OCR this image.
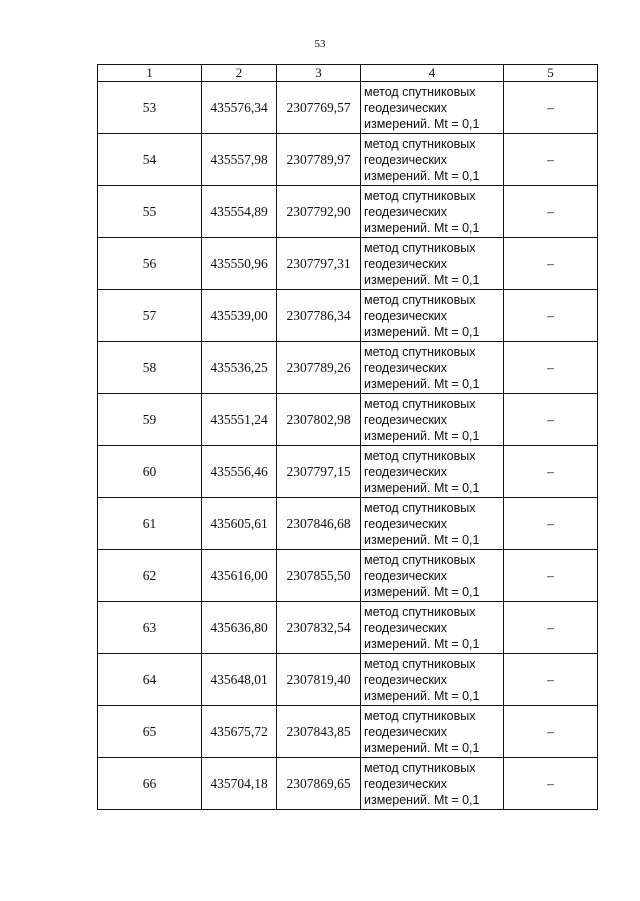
53
1	2	3	4	5
53	435576,34	2307769,57	метод спутниковых
геодезических
измерений. Mt = 0,1	–
54	435557,98	2307789,97	метод спутниковых
геодезических
измерений. Mt = 0,1	–
55	435554,89	2307792,90	метод спутниковых
геодезических
измерений. Mt = 0,1	–
56	435550,96	2307797,31	метод спутниковых
геодезических
измерений. Mt = 0,1	–
57	435539,00	2307786,34	метод спутниковых
геодезических
измерений. Mt = 0,1	–
58	435536,25	2307789,26	метод спутниковых
геодезических
измерений. Mt = 0,1	–
59	435551,24	2307802,98	метод спутниковых
геодезических
измерений. Mt = 0,1	–
60	435556,46	2307797,15	метод спутниковых
геодезических
измерений. Mt = 0,1	–
61	435605,61	2307846,68	метод спутниковых
геодезических
измерений. Mt = 0,1	–
62	435616,00	2307855,50	метод спутниковых
геодезических
измерений. Mt = 0,1	–
63	435636,80	2307832,54	метод спутниковых
геодезических
измерений. Mt = 0,1	–
64	435648,01	2307819,40	метод спутниковых
геодезических
измерений. Mt = 0,1	–
65	435675,72	2307843,85	метод спутниковых
геодезических
измерений. Mt = 0,1	–
66	435704,18	2307869,65	метод спутниковых
геодезических
измерений. Mt = 0,1	–
